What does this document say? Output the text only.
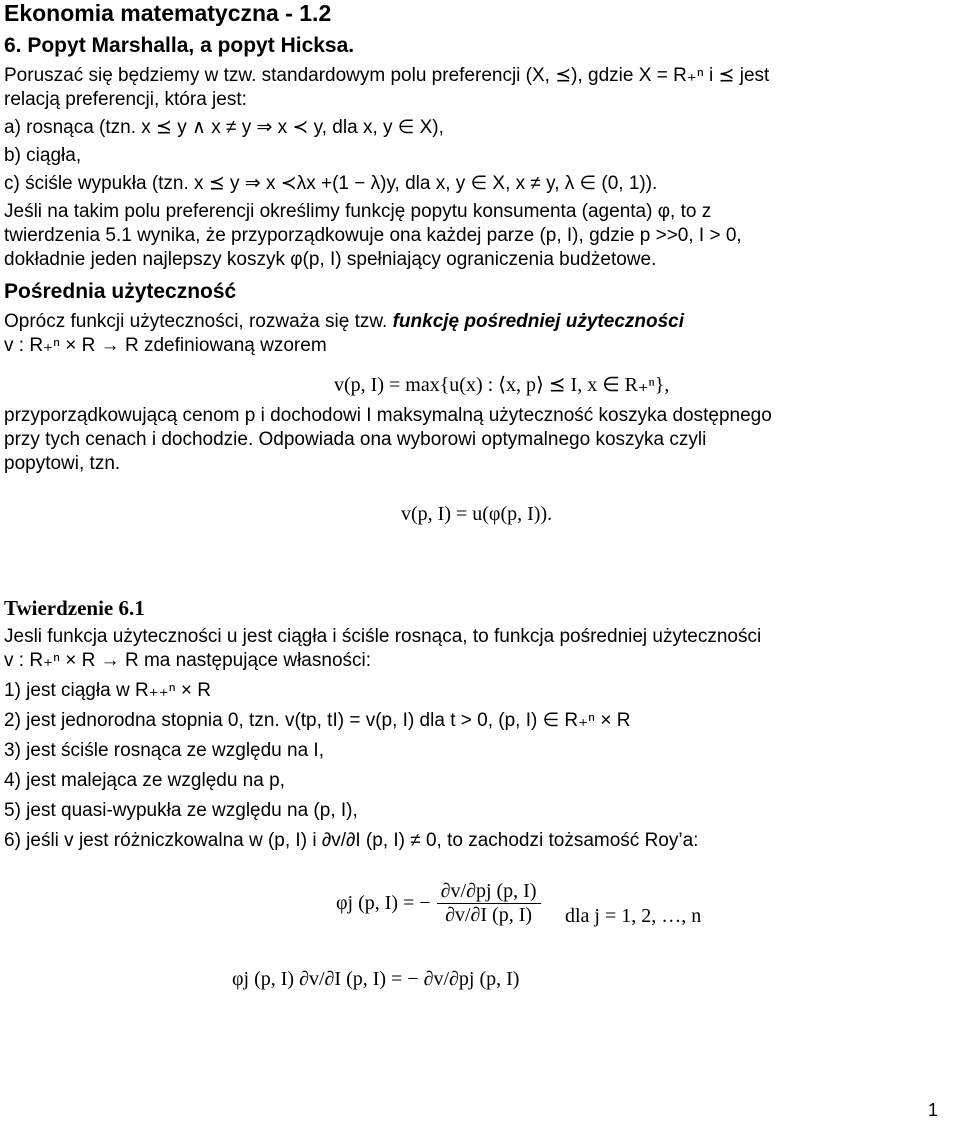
Ekonomia matematyczna - 1.2
6. Popyt Marshalla, a popyt Hicksa.
Poruszać się będziemy w tzw. standardowym polu preferencji (X, ⪯), gdzie X = R₊ⁿ i ⪯ jest
relacją preferencji, która jest:
a) rosnąca (tzn. x ⪯ y ∧ x ≠ y ⇒ x ≺ y, dla x, y ∈ X),
b) ciągła,
c) ściśle wypukła (tzn. x ⪯ y ⇒ x ≺λx +(1 − λ)y, dla x, y ∈ X, x ≠ y, λ ∈ (0, 1)).
Jeśli na takim polu preferencji określimy funkcję popytu konsumenta (agenta) φ, to z
twierdzenia 5.1 wynika, że przyporządkowuje ona każdej parze (p, I), gdzie p >>0, I > 0,
dokładnie jeden najlepszy koszyk φ(p, I) spełniający ograniczenia budżetowe.
Pośrednia użyteczność
Oprócz funkcji użyteczności, rozważa się tzw. funkcję pośredniej użyteczności
v : R₊ⁿ × R → R zdefiniowaną wzorem
v(p, I) = max{u(x) : ⟨x, p⟩ ⪯ I, x ∈ R₊ⁿ},
przyporządkowującą cenom p i dochodowi I maksymalną użyteczność koszyka dostępnego
przy tych cenach i dochodzie. Odpowiada ona wyborowi optymalnego koszyka czyli
popytowi, tzn.
v(p, I) = u(φ(p, I)).
Twierdzenie 6.1
Jesli funkcja użyteczności u jest ciągła i ściśle rosnąca, to funkcja pośredniej użyteczności
v : R₊ⁿ × R → R ma następujące własności:
1) jest ciągła w R₊₊ⁿ × R
2) jest jednorodna stopnia 0, tzn. v(tp, tI) = v(p, I) dla t > 0, (p, I) ∈ R₊ⁿ × R
3) jest ściśle rosnąca ze względu na I,
4) jest malejąca ze względu na p,
5) jest quasi-wypukła ze względu na (p, I),
6) jeśli v jest różniczkowalna w (p, I) i ∂v/∂I (p, I) ≠ 0, to zachodzi tożsamość Roy’a:
φj (p, I) = − $\frac{\partial v/\partial pj (p, I)}{\partial v/\partial I (p, I)}$ dla j = 1, 2, …, n
φj (p, I) ∂v/∂I (p, I) = − ∂v/∂pj (p, I)
1
